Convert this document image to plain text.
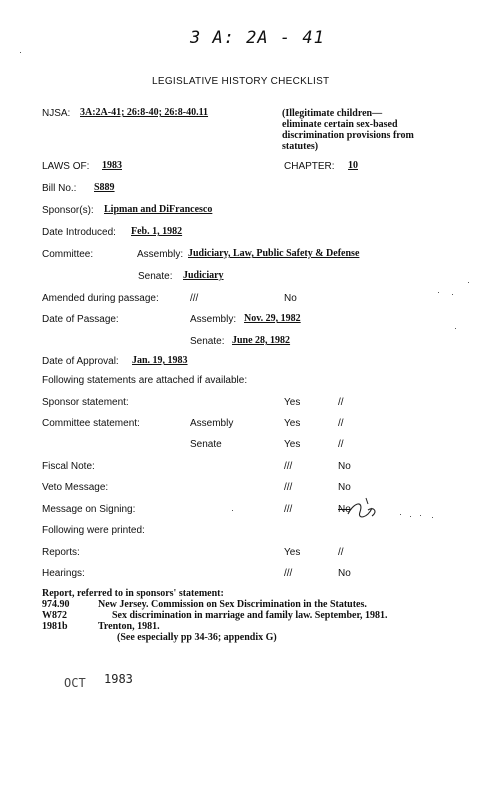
3 A: 2A - 41
LEGISLATIVE HISTORY CHECKLIST
NJSA: 3A:2A-41; 26:8-40; 26:8-40.11	(Illegitimate children—
eliminate certain sex-based
discrimination provisions from
statutes)
LAWS OF: 1983	CHAPTER: 10
Bill No.: S889
Sponsor(s): Lipman and DiFrancesco
Date Introduced: Feb. 1, 1982
Committee:	Assembly: Judiciary, Law, Public Safety & Defense
Senate: Judiciary
Amended during passage:	///	No
Date of Passage:	Assembly: Nov. 29, 1982
Senate: June 28, 1982
Date of Approval: Jan. 19, 1983
Following statements are attached if available:
Sponsor statement:	Yes	//
Committee statement:	Assembly	Yes	//
Senate	Yes	//
Fiscal Note:	///	No
Veto Message:	///	No
Message on Signing:	///	No
Following were printed:
Reports:	Yes	//
Hearings:	///	No
Report, referred to in sponsors' statement:
974.90	New Jersey. Commission on Sex Discrimination in the Statutes.
W872	Sex discrimination in marriage and family law. September, 1981.
1981b	Trenton, 1981.
(See especially pp 34-36; appendix G)
OCT 1983
